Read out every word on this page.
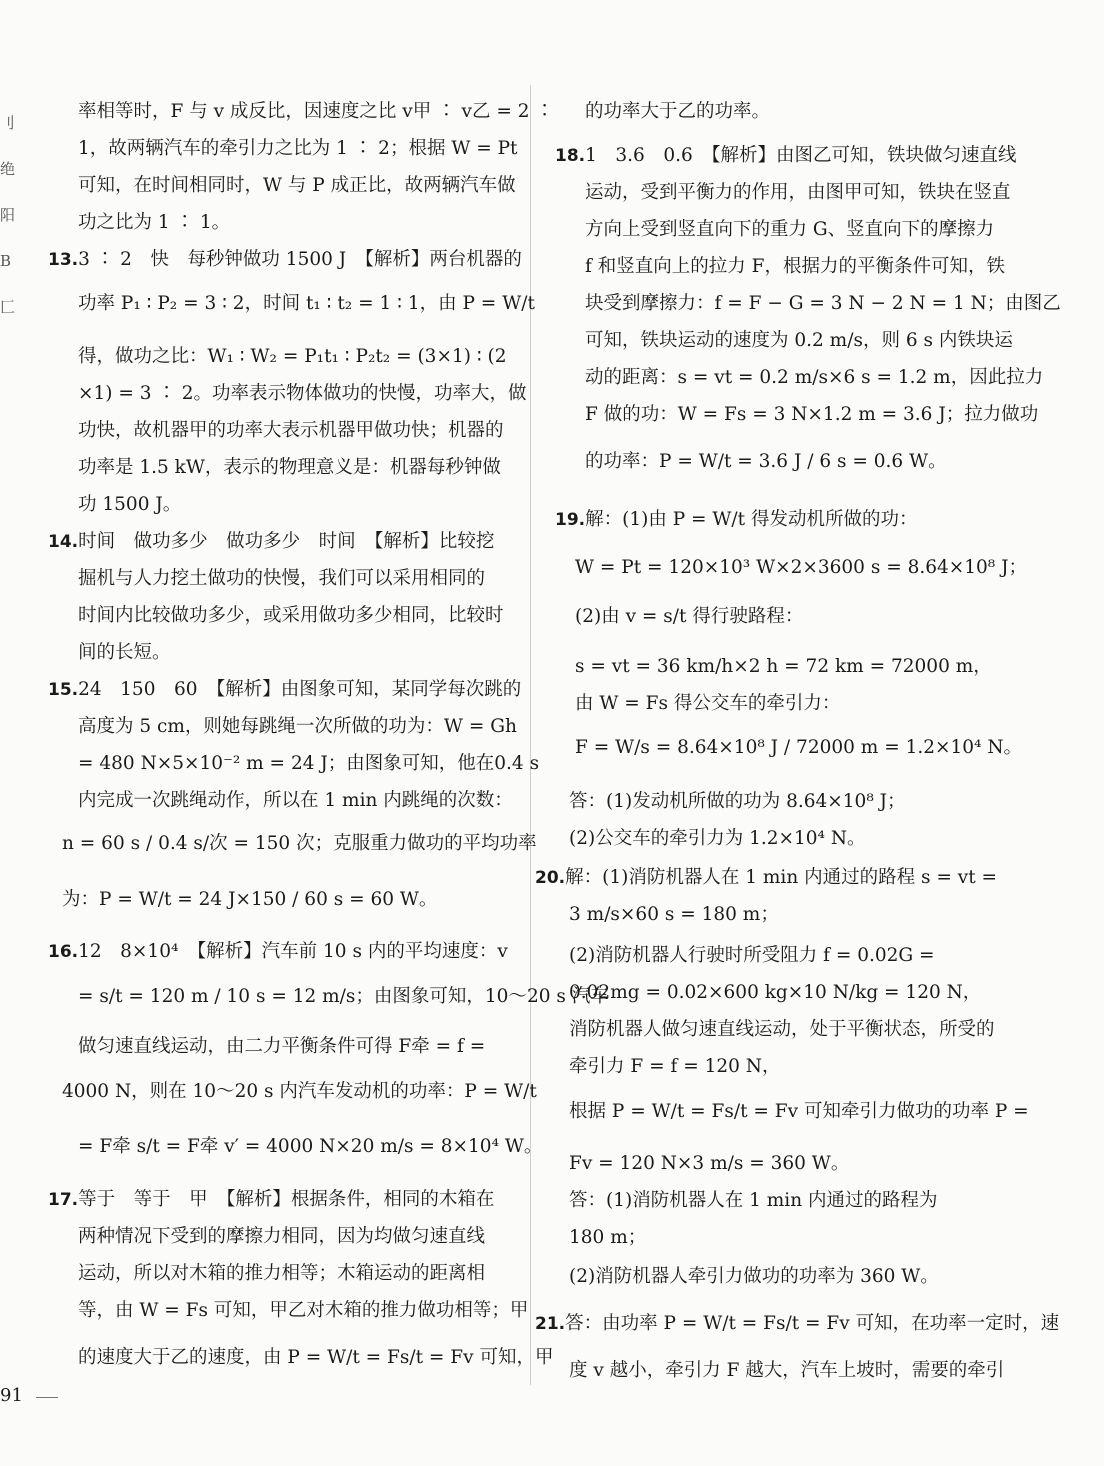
刂
绝
阳
B
匚
率相等时，F 与 v 成反比，因速度之比 v甲 ∶ v乙 = 2 ∶
1，故两辆汽车的牵引力之比为 1 ∶ 2；根据 W = Pt
可知，在时间相同时，W 与 P 成正比，故两辆汽车做
功之比为 1 ∶ 1。
13.3 ∶ 2　快　每秒钟做功 1500 J　【解析】两台机器的
功率 P₁ ∶ P₂ = 3 ∶ 2，时间 t₁ ∶ t₂ = 1 ∶ 1，由 P = W/t
得，做功之比：W₁ ∶ W₂ = P₁t₁ ∶ P₂t₂ = (3×1) ∶ (2
×1) = 3 ∶ 2。功率表示物体做功的快慢，功率大，做
功快，故机器甲的功率大表示机器甲做功快；机器的
功率是 1.5 kW，表示的物理意义是：机器每秒钟做
功 1500 J。
14.时间　做功多少　做功多少　时间　【解析】比较挖
掘机与人力挖土做功的快慢，我们可以采用相同的
时间内比较做功多少，或采用做功多少相同，比较时
间的长短。
15.24　150　60　【解析】由图象可知，某同学每次跳的
高度为 5 cm，则她每跳绳一次所做的功为：W = Gh
= 480 N×5×10⁻² m = 24 J；由图象可知，他在0.4 s
内完成一次跳绳动作，所以在 1 min 内跳绳的次数：
n = 60 s / 0.4 s/次 = 150 次；克服重力做功的平均功率
为：P = W/t = 24 J×150 / 60 s = 60 W。
16.12　8×10⁴　【解析】汽车前 10 s 内的平均速度：v
= s/t = 120 m / 10 s = 12 m/s；由图象可知，10～20 s 汽车
做匀速直线运动，由二力平衡条件可得 F牵 = f =
4000 N，则在 10～20 s 内汽车发动机的功率：P = W/t
= F牵 s/t = F牵 v′ = 4000 N×20 m/s = 8×10⁴ W。
17.等于　等于　甲　【解析】根据条件，相同的木箱在
两种情况下受到的摩擦力相同，因为均做匀速直线
运动，所以对木箱的推力相等；木箱运动的距离相
等，由 W = Fs 可知，甲乙对木箱的推力做功相等；甲
的速度大于乙的速度，由 P = W/t = Fs/t = Fv 可知，甲
的功率大于乙的功率。
18.1　3.6　0.6　【解析】由图乙可知，铁块做匀速直线
运动，受到平衡力的作用，由图甲可知，铁块在竖直
方向上受到竖直向下的重力 G、竖直向下的摩擦力
f 和竖直向上的拉力 F，根据力的平衡条件可知，铁
块受到摩擦力：f = F − G = 3 N − 2 N = 1 N；由图乙
可知，铁块运动的速度为 0.2 m/s，则 6 s 内铁块运
动的距离：s = vt = 0.2 m/s×6 s = 1.2 m，因此拉力
F 做的功：W = Fs = 3 N×1.2 m = 3.6 J；拉力做功
的功率：P = W/t = 3.6 J / 6 s = 0.6 W。
19.解：(1)由 P = W/t 得发动机所做的功：
W = Pt = 120×10³ W×2×3600 s = 8.64×10⁸ J；
(2)由 v = s/t 得行驶路程：
s = vt = 36 km/h×2 h = 72 km = 72000 m，
由 W = Fs 得公交车的牵引力：
F = W/s = 8.64×10⁸ J / 72000 m = 1.2×10⁴ N。
答：(1)发动机所做的功为 8.64×10⁸ J；
(2)公交车的牵引力为 1.2×10⁴ N。
20.解：(1)消防机器人在 1 min 内通过的路程 s = vt =
3 m/s×60 s = 180 m；
(2)消防机器人行驶时所受阻力 f = 0.02G =
0.02mg = 0.02×600 kg×10 N/kg = 120 N，
消防机器人做匀速直线运动，处于平衡状态，所受的
牵引力 F = f = 120 N，
根据 P = W/t = Fs/t = Fv 可知牵引力做功的功率 P =
Fv = 120 N×3 m/s = 360 W。
答：(1)消防机器人在 1 min 内通过的路程为
180 m；
(2)消防机器人牵引力做功的功率为 360 W。
21.答：由功率 P = W/t = Fs/t = Fv 可知，在功率一定时，速
度 v 越小，牵引力 F 越大，汽车上坡时，需要的牵引
91
